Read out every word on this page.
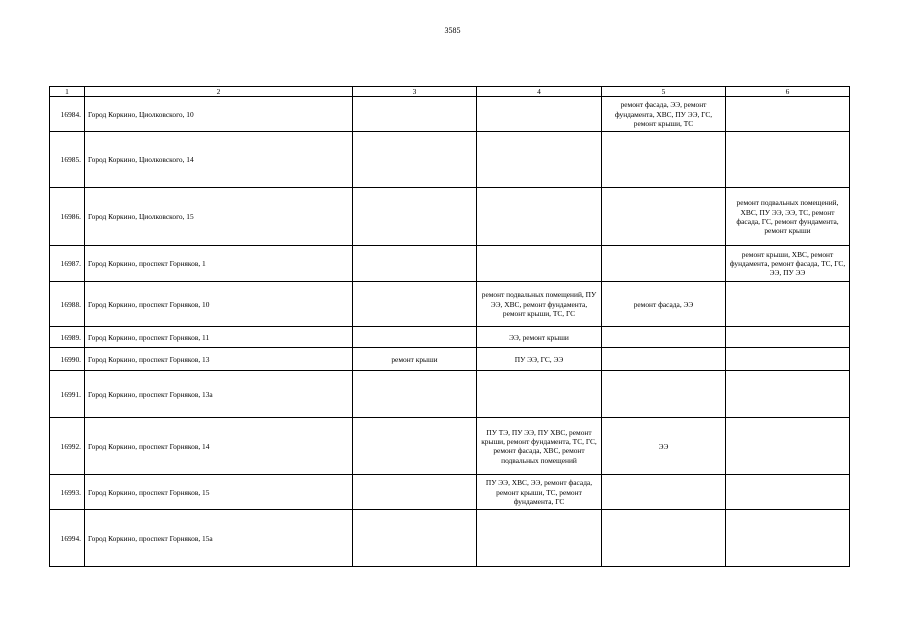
3585
1	2	3	4	5	6
16984.	Город Коркино, Циолковского, 10			ремонт фасада, ЭЭ, ремонт фундамента, ХВС, ПУ ЭЭ, ГС, ремонт крыши, ТС	
16985.	Город Коркино, Циолковского, 14				
16986.	Город Коркино, Циолковского, 15				ремонт подвальных помещений, ХВС, ПУ ЭЭ, ЭЭ, ТС, ремонт фасада, ГС, ремонт фундамента, ремонт крыши
16987.	Город Коркино, проспект Горняков, 1				ремонт крыши, ХВС, ремонт фундамента, ремонт фасада, ТС, ГС, ЭЭ, ПУ ЭЭ
16988.	Город Коркино, проспект Горняков, 10		ремонт подвальных помещений, ПУ ЭЭ, ХВС, ремонт фундамента, ремонт крыши, ТС, ГС	ремонт фасада, ЭЭ	
16989.	Город Коркино, проспект Горняков, 11		ЭЭ, ремонт крыши		
16990.	Город Коркино, проспект Горняков, 13	ремонт крыши	ПУ ЭЭ, ГС, ЭЭ		
16991.	Город Коркино, проспект Горняков, 13а				
16992.	Город Коркино, проспект Горняков, 14		ПУ ТЭ, ПУ ЭЭ, ПУ ХВС, ремонт крыши, ремонт фундамента, ТС, ГС, ремонт фасада, ХВС, ремонт подвальных помещений	ЭЭ	
16993.	Город Коркино, проспект Горняков, 15		ПУ ЭЭ, ХВС, ЭЭ, ремонт фасада, ремонт крыши, ТС, ремонт фундамента, ГС		
16994.	Город Коркино, проспект Горняков, 15а				
